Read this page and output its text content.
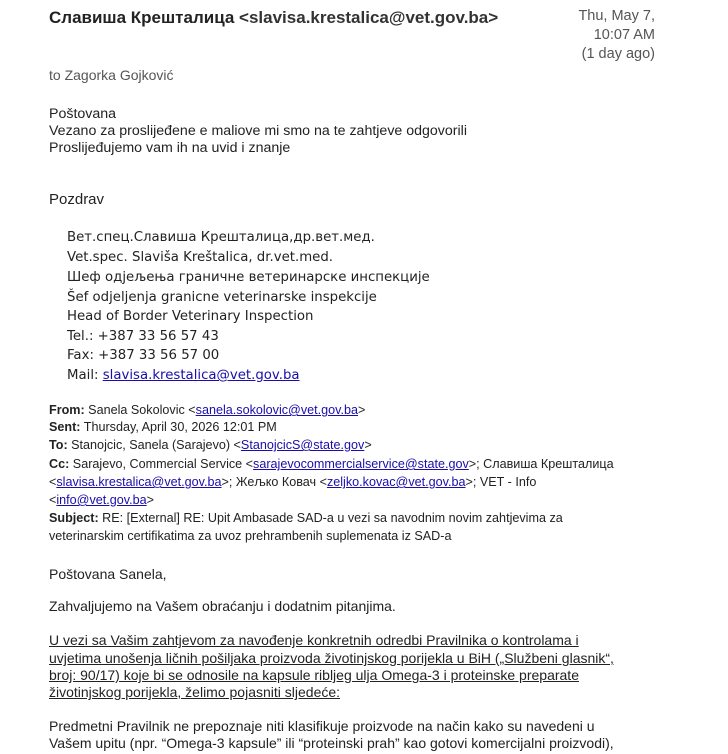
Славиша Крешталица <slavisa.krestalica@vet.gov.ba>	Thu, May 7,
10:07 AM
(1 day ago)
to Zagorka Gojković
Poštovana
Vezano za proslijeđene e maliove mi smo na te zahtjeve odgovorili
Prosliјeđujemo vam ih na uvid i znanje
Pozdrav
Вет.спец.Славиша Крешталица,др.вет.мед.
Vet.spec. Slaviša Kreštalica, dr.vet.med.
Шеф одјељења граничне ветеринарске инспекције
Šef odjeljenja granicne veterinarske inspekcije
Head of Border Veterinary Inspection
Tel.: +387 33 56 57 43
Fax: +387 33 56 57 00
Mail: slavisa.krestalica@vet.gov.ba
From: Sanela Sokolovic <sanela.sokolovic@vet.gov.ba>
Sent: Thursday, April 30, 2026 12:01 PM
To: Stanojcic, Sanela (Sarajevo) <StanojcicS@state.gov>
Cc: Sarajevo, Commercial Service <sarajevocommercialservice@state.gov>; Славиша Крешталица
<slavisa.krestalica@vet.gov.ba>; Жељко Ковач <zeljko.kovac@vet.gov.ba>; VET - Info
<info@vet.gov.ba>
Subject: RE: [External] RE: Upit Ambasade SAD-a u vezi sa navodnim novim zahtjevima za
veterinarskim certifikatima za uvoz prehrambenih suplemenata iz SAD-a
Poštovana Sanela,
Zahvaljujemo na Vašem obraćanju i dodatnim pitanjima.
U vezi sa Vašim zahtjevom za navođenje konkretnih odredbi Pravilnika o kontrolama i
uvjetima unošenja ličnih pošiljaka proizvoda životinjskog porijekla u BiH („Službeni glasnik“,
broj: 90/17) koje bi se odnosile na kapsule ribljeg ulja Omega-3 i proteinske preparate
životinjskog porijekla, želimo pojasniti sljedeće:
Predmetni Pravilnik ne prepoznaje niti klasifikuje proizvode na način kako su navedeni u
Vašem upitu (npr. “Omega-3 kapsule” ili “proteinski prah” kao gotovi komercijalni proizvodi),
